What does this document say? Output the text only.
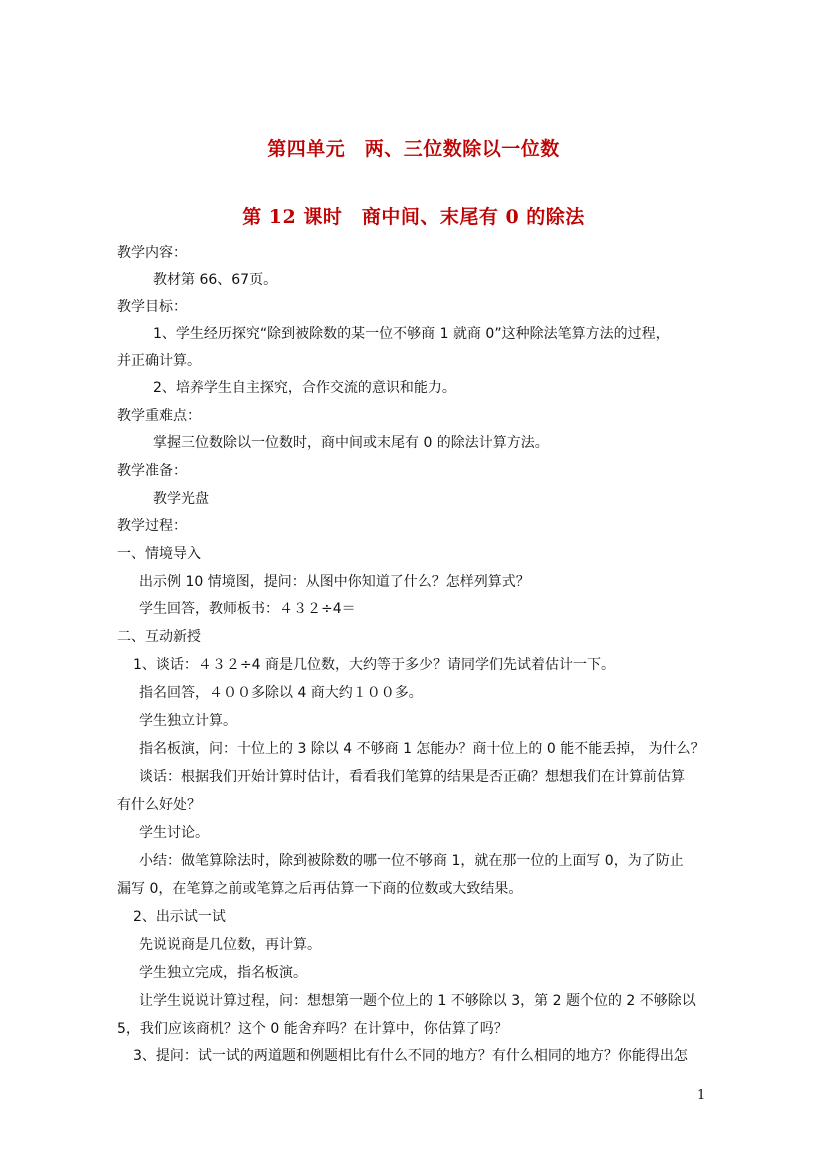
第四单元　两、三位数除以一位数
第 12 课时　商中间、末尾有 0 的除法
教学内容：
教材第 66、67页。
教学目标：
1、学生经历探究“除到被除数的某一位不够商 1 就商 0”这种除法笔算方法的过程，
并正确计算。
2、培养学生自主探究，合作交流的意识和能力。
教学重难点：
掌握三位数除以一位数时，商中间或末尾有 0 的除法计算方法。
教学准备：
教学光盘
教学过程：
一、情境导入
出示例 10 情境图，提问：从图中你知道了什么？怎样列算式？
学生回答，教师板书：４３２÷4＝
二、互动新授
1、谈话：４３２÷4 商是几位数，大约等于多少？请同学们先试着估计一下。
指名回答，４００多除以 4 商大约１００多。
学生独立计算。
指名板演，问：十位上的 3 除以 4 不够商 1 怎能办？商十位上的 0 能不能丢掉， 为什么？
谈话：根据我们开始计算时估计，看看我们笔算的结果是否正确？想想我们在计算前估算
有什么好处？
学生讨论。
小结：做笔算除法时，除到被除数的哪一位不够商 1，就在那一位的上面写 0，为了防止
漏写 0，在笔算之前或笔算之后再估算一下商的位数或大致结果。
2、出示试一试
先说说商是几位数，再计算。
学生独立完成，指名板演。
让学生说说计算过程，问：想想第一题个位上的 1 不够除以 3，第 2 题个位的 2 不够除以
5，我们应该商机？这个 0 能舍弃吗？在计算中，你估算了吗？
3、提问：试一试的两道题和例题相比有什么不同的地方？有什么相同的地方？你能得出怎
1
